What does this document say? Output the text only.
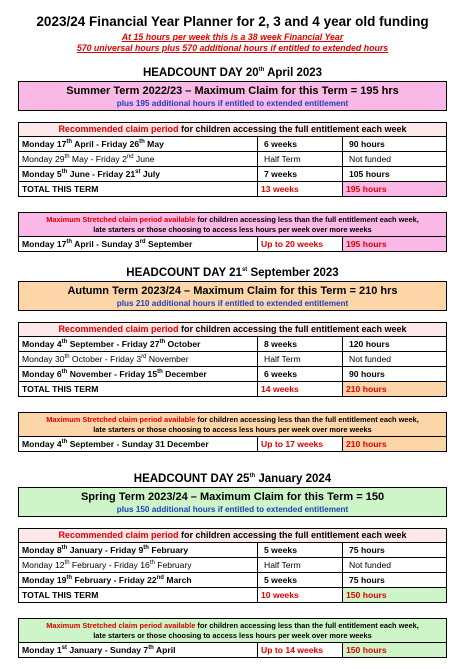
2023/24 Financial Year Planner for 2, 3 and 4 year old funding
At 15 hours per week this is a 38 week Financial Year
570 universal hours plus 570 additional hours if entitled to extended hours
HEADCOUNT DAY 20th April 2023
Summer Term 2022/23 – Maximum Claim for this Term = 195 hrs
plus 195 additional hours if entitled to extended entitlement
Recommended claim period for children accessing the full entitlement each week
Monday 17th April - Friday 26th May	6 weeks	90 hours
Monday 29th May - Friday 2nd June	Half Term	Not funded
Monday 5th June - Friday 21st July	7 weeks	105 hours
TOTAL THIS TERM	13 weeks	195 hours
Maximum Stretched claim period available for children accessing less than the full entitlement each week,
late starters or those choosing to access less hours per week over more weeks
Monday 17th April - Sunday 3rd September	Up to 20 weeks	195 hours
HEADCOUNT DAY 21st September 2023
Autumn Term 2023/24 – Maximum Claim for this Term = 210 hrs
plus 210 additional hours if entitled to extended entitlement
Recommended claim period for children accessing the full entitlement each week
Monday 4th September - Friday 27th October	8 weeks	120 hours
Monday 30th October - Friday 3rd November	Half Term	Not funded
Monday 6th November - Friday 15th December	6 weeks	90 hours
TOTAL THIS TERM	14 weeks	210 hours
Maximum Stretched claim period available for children accessing less than the full entitlement each week,
late starters or those choosing to access less hours per week over more weeks
Monday 4th September - Sunday 31 December	Up to 17 weeks	210 hours
HEADCOUNT DAY 25th January 2024
Spring Term 2023/24 – Maximum Claim for this Term = 150
plus 150 additional hours if entitled to extended entitlement
Recommended claim period for children accessing the full entitlement each week
Monday 8th January - Friday 9th February	5 weeks	75 hours
Monday 12th February - Friday 16th February	Half Term	Not funded
Monday 19th February - Friday 22nd March	5 weeks	75 hours
TOTAL THIS TERM	10 weeks	150 hours
Maximum Stretched claim period available for children accessing less than the full entitlement each week,
late starters or those choosing to access less hours per week over more weeks
Monday 1st January - Sunday 7th April	Up to 14 weeks	150 hours
